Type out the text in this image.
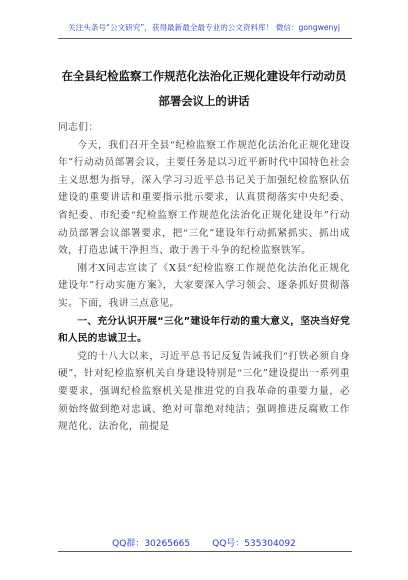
关注头条号“公文研究”，获得最新最全最专业的公文资料库！ 微信：gongwenyj
在全县纪检监察工作规范化法治化正规化建设年行动动员
部署会议上的讲话

同志们：

今天，我们召开全县“纪检监察工作规范化法治化正规化建设年”行动动员部署会议，主要任务是以习近平新时代中国特色社会主义思想为指导，深入学习习近平总书记关于加强纪检监察队伍建设的重要讲话和重要指示批示要求，认真贯彻落实中央纪委、省纪委、市纪委“纪检监察工作规范化法治化正规化建设年”行动动员部署会议部署要求，把“三化”建设年行动抓紧抓实、抓出成效，打造忠诚干净担当、敢于善于斗争的纪检监察铁军。

刚才X同志宣读了《X县“纪检监察工作规范化法治化正规化建设年”行动实施方案》，大家要深入学习领会、逐条抓好贯彻落实。下面，我讲三点意见。

一、充分认识开展“三化”建设年行动的重大意义，坚决当好党和人民的忠诚卫士。

党的十八大以来，习近平总书记反复告诫我们“打铁必须自身硬”，针对纪检监察机关自身建设特别是“三化”建设提出一系列重要要求，强调纪检监察机关是推进党的自我革命的重要力量，必须始终做到绝对忠诚、绝对可靠绝对纯洁；强调推进反腐败工作规范化、法治化，前提是

QQ群：30265665 QQ号：535304092
